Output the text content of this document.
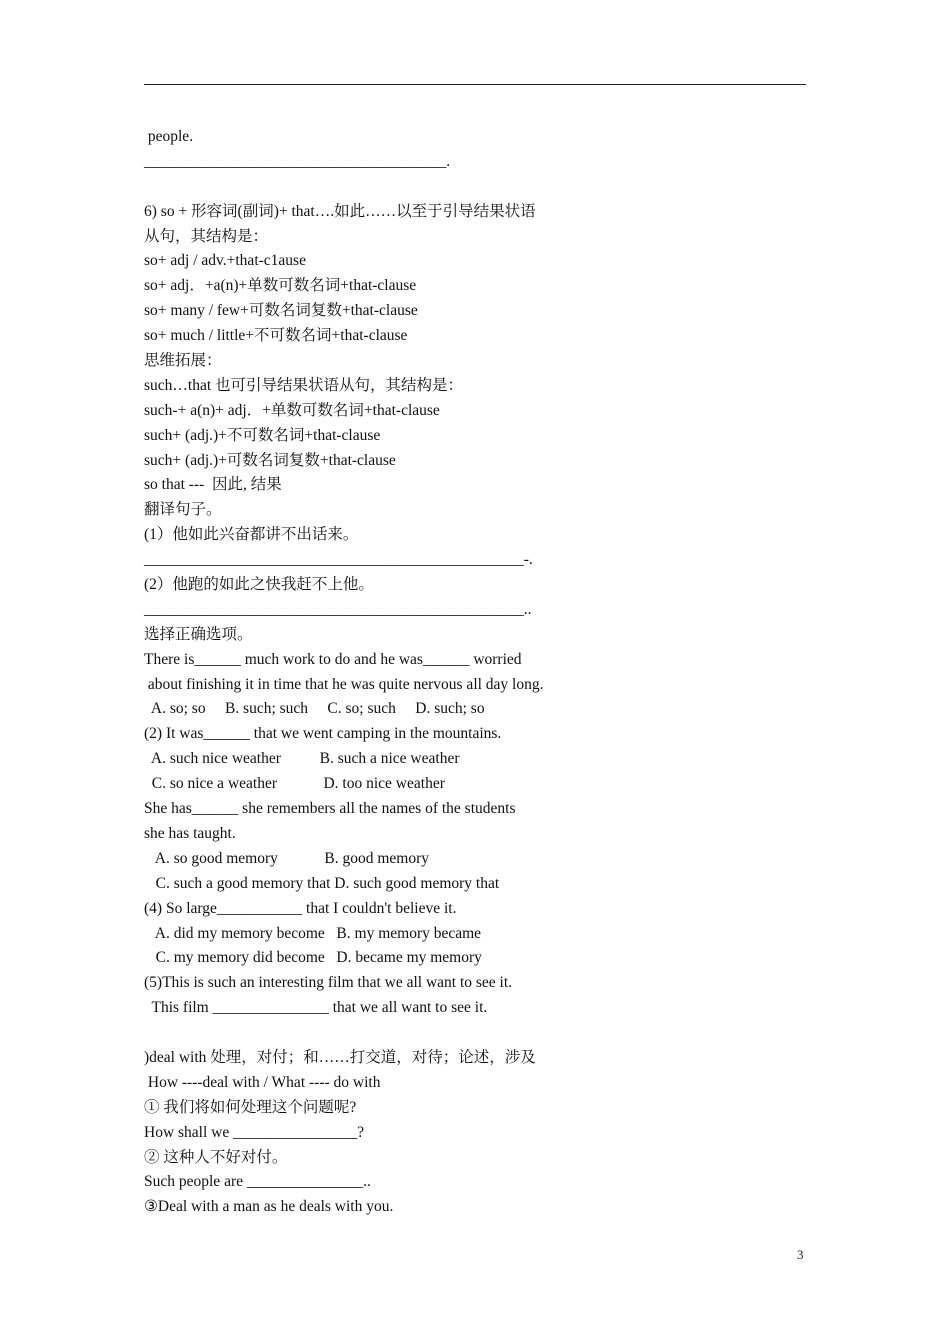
people.
_______________________________________.
6) so + 形容词(副词)+ that….如此……以至于引导结果状语
从句，其结构是：
so+ adj / adv.+that-c1ause
so+ adj．+a(n)+单数可数名词+that-clause
so+ many / few+可数名词复数+that-clause
so+ much / little+不可数名词+that-clause
思维拓展：
such…that 也可引导结果状语从句，其结构是：
such-+ a(n)+ adj．+单数可数名词+that-clause
such+ (adj.)+不可数名词+that-clause
such+ (adj.)+可数名词复数+that-clause
so that ---  因此, 结果
翻译句子。
(1）他如此兴奋都讲不出话来。
_________________________________________________-.
(2）他跑的如此之快我赶不上他。
_________________________________________________..
选择正确选项。
There is______ much work to do and he was______ worried
about finishing it in time that he was quite nervous all day long.
A. so; so     B. such; such     C. so; such     D. such; so
(2) It was______ that we went camping in the mountains.
A. such nice weather          B. such a nice weather
C. so nice a weather            D. too nice weather
She has______ she remembers all the names of the students
she has taught.
A. so good memory            B. good memory
C. such a good memory that D. such good memory that
(4) So large___________ that I couldn't believe it.
A. did my memory become   B. my memory became
C. my memory did become   D. became my memory
(5)This is such an interesting film that we all want to see it.
This film _______________ that we all want to see it.
)deal with 处理，对付；和……打交道，对待；论述，涉及
How ----deal with / What ---- do with
① 我们将如何处理这个问题呢?
How shall we ________________?
② 这种人不好对付。
Such people are _______________..
③Deal with a man as he deals with you.
3
